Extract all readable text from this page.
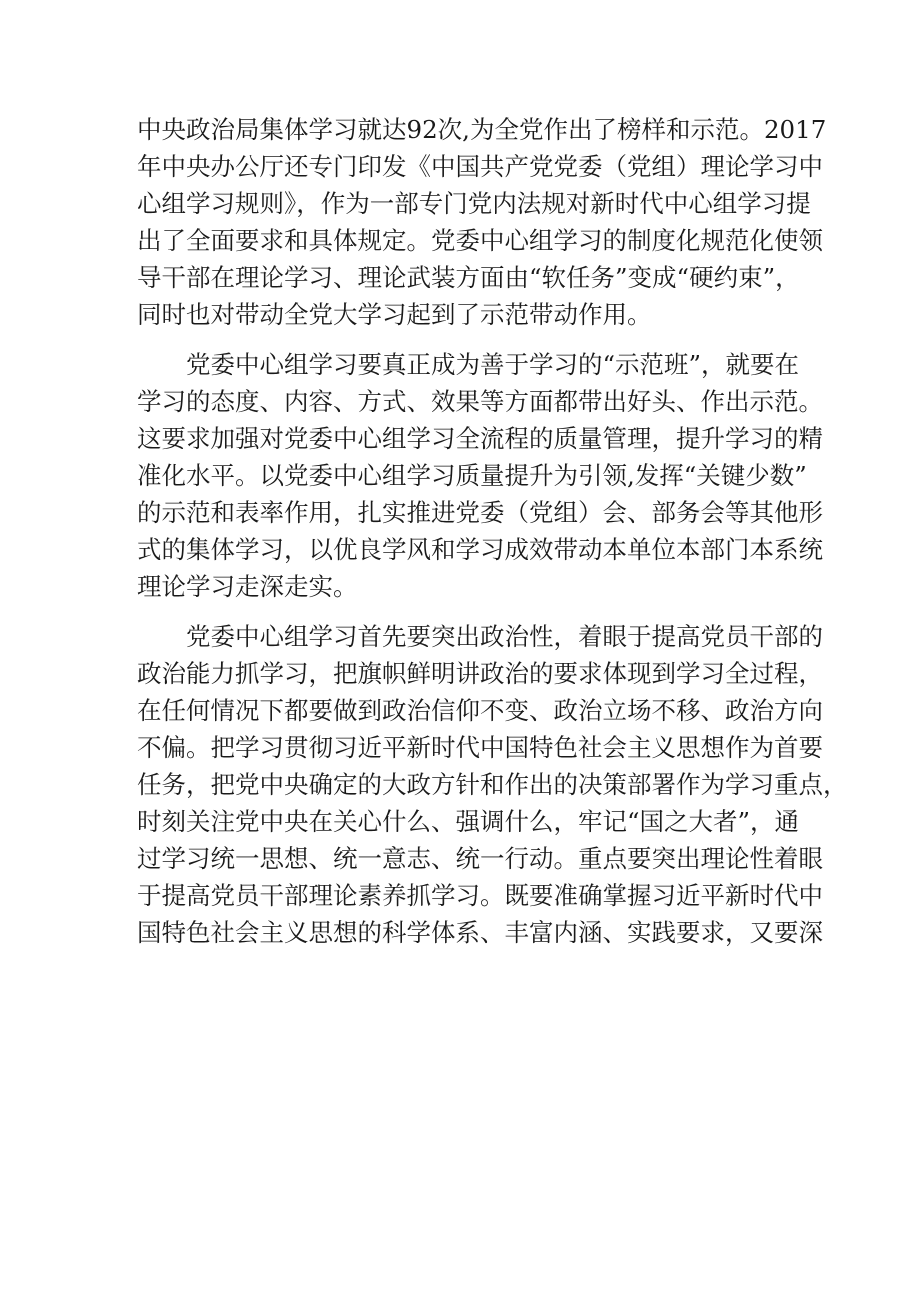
中央政治局集体学习就达92次,为全党作出了榜样和示范。2017
年中央办公厅还专门印发《中国共产党党委（党组）理论学习中
心组学习规则》，作为一部专门党内法规对新时代中心组学习提
出了全面要求和具体规定。党委中心组学习的制度化规范化使领
导干部在理论学习、理论武装方面由“软任务”变成“硬约束”，
同时也对带动全党大学习起到了示范带动作用。
党委中心组学习要真正成为善于学习的“示范班”，就要在
学习的态度、内容、方式、效果等方面都带出好头、作出示范。
这要求加强对党委中心组学习全流程的质量管理，提升学习的精
准化水平。以党委中心组学习质量提升为引领,发挥“关键少数”
的示范和表率作用，扎实推进党委（党组）会、部务会等其他形
式的集体学习，以优良学风和学习成效带动本单位本部门本系统
理论学习走深走实。
党委中心组学习首先要突出政治性，着眼于提高党员干部的
政治能力抓学习，把旗帜鲜明讲政治的要求体现到学习全过程，
在任何情况下都要做到政治信仰不变、政治立场不移、政治方向
不偏。把学习贯彻习近平新时代中国特色社会主义思想作为首要
任务，把党中央确定的大政方针和作出的决策部署作为学习重点，
时刻关注党中央在关心什么、强调什么，牢记“国之大者”，通
过学习统一思想、统一意志、统一行动。重点要突出理论性着眼
于提高党员干部理论素养抓学习。既要准确掌握习近平新时代中
国特色社会主义思想的科学体系、丰富内涵、实践要求，又要深
